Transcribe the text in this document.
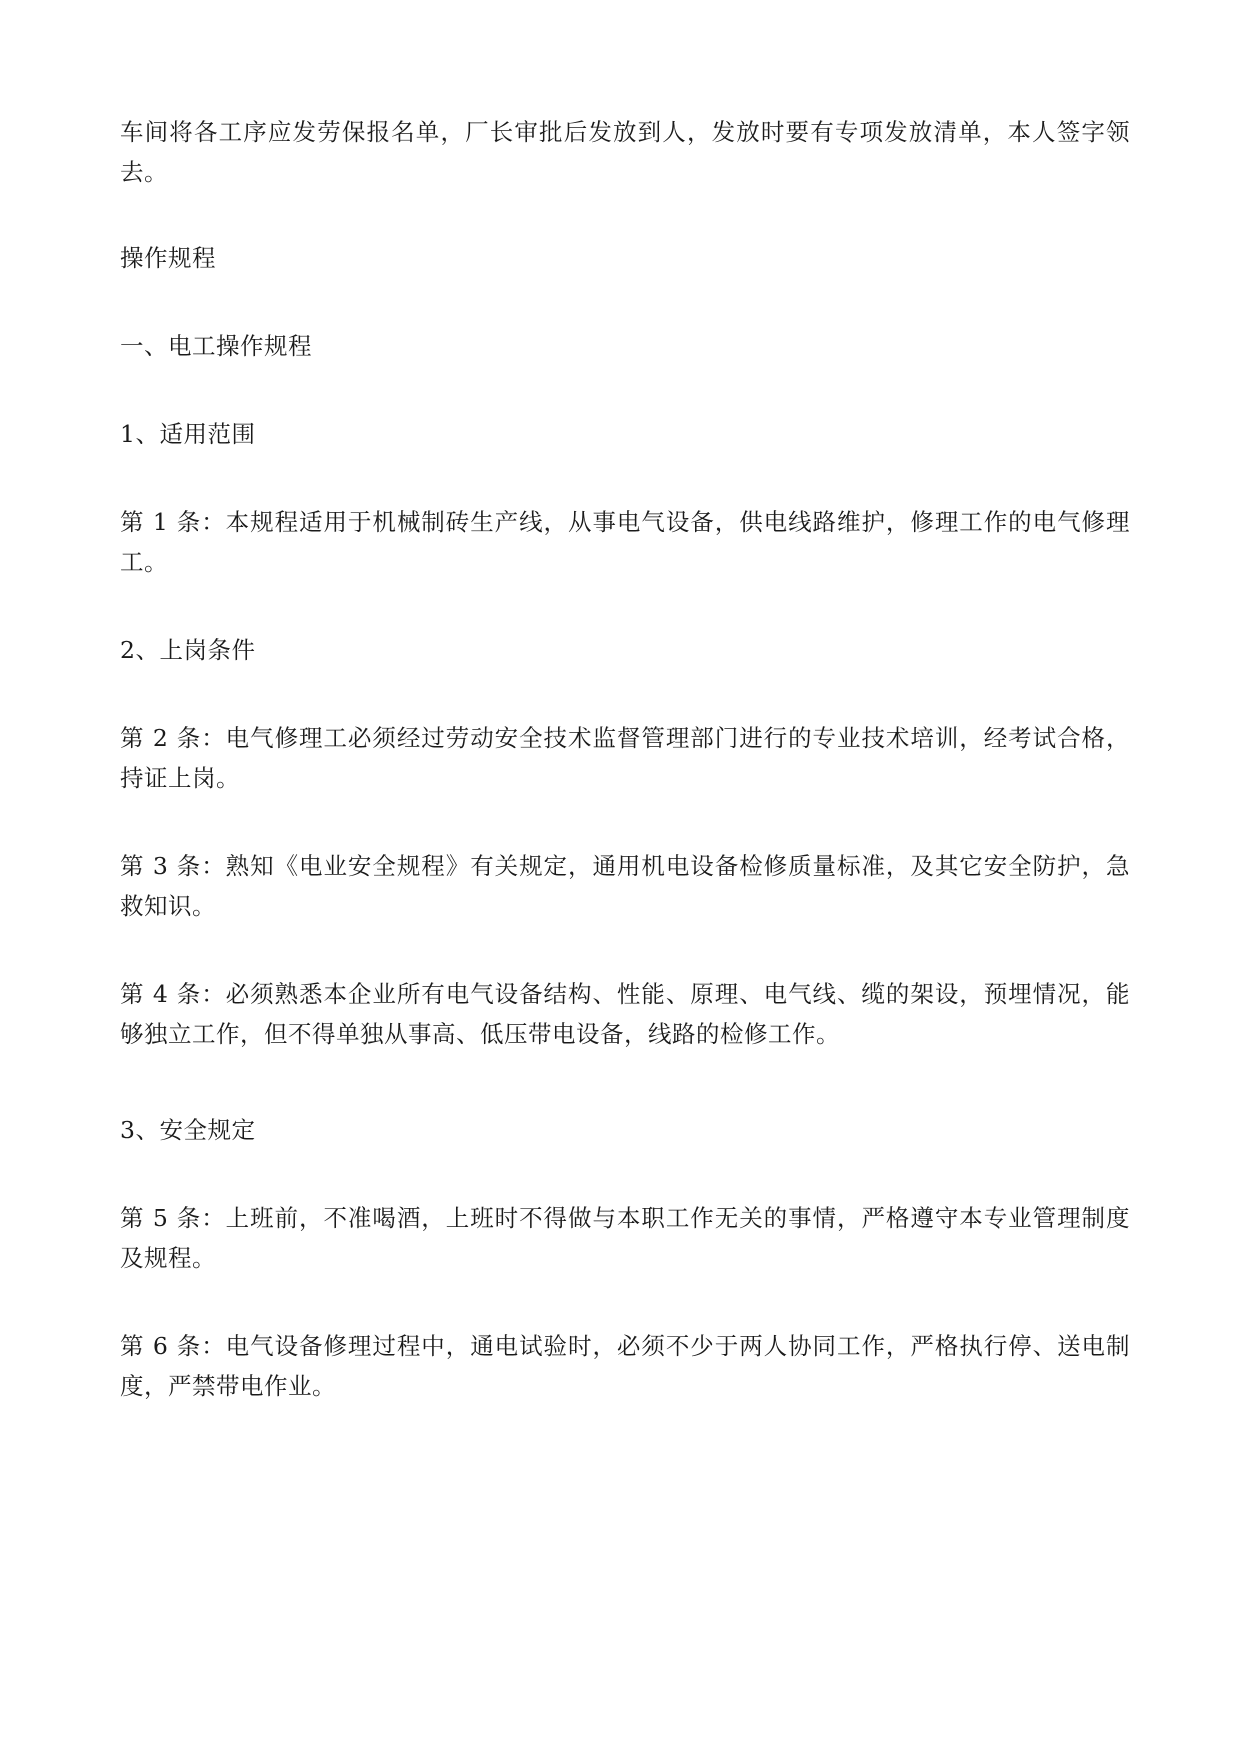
车间将各工序应发劳保报名单，厂长审批后发放到人，发放时要有专项发放清单，本人签字领去。

操作规程

一、电工操作规程

1、适用范围

第 1 条：本规程适用于机械制砖生产线，从事电气设备，供电线路维护，修理工作的电气修理工。

2、上岗条件

第 2 条：电气修理工必须经过劳动安全技术监督管理部门进行的专业技术培训，经考试合格，持证上岗。

第 3 条：熟知《电业安全规程》有关规定，通用机电设备检修质量标准，及其它安全防护，急救知识。

第 4 条：必须熟悉本企业所有电气设备结构、性能、原理、电气线、缆的架设，预埋情况，能够独立工作，但不得单独从事高、低压带电设备，线路的检修工作。

3、安全规定

第 5 条：上班前，不准喝酒，上班时不得做与本职工作无关的事情，严格遵守本专业管理制度及规程。

第 6 条：电气设备修理过程中，通电试验时，必须不少于两人协同工作，严格执行停、送电制度，严禁带电作业。
